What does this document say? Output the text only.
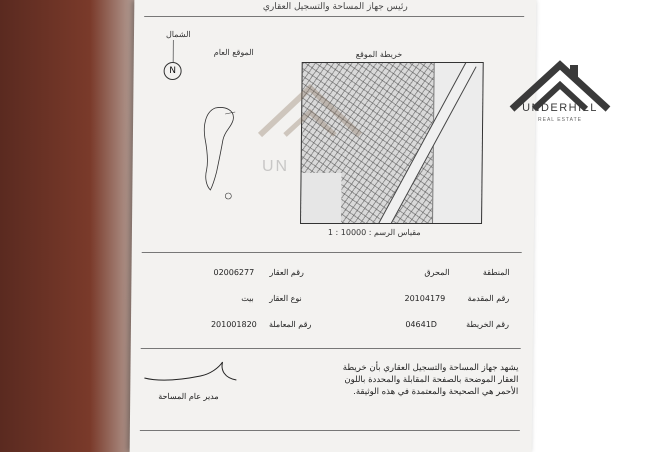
رئيس جهاز المساحة والتسجيل العقاري
الشمال
N
الموقع العام	خريطة الموقع
مقياس الرسم : 10000 : 1
المنطقة
المحرق
رقم العقار
02006277
رقم المقدمة
20104179
نوع العقار
بيت
رقم الخريطة
04641D
رقم المعاملة
201001820
مدير عام المساحة
يشهد جهاز المساحة والتسجيل العقاري بأن خريطة
العقار الموضحة بالصفحة المقابلة والمحددة باللون
الأحمر هي الصحيحة والمعتمدة في هذه الوثيقة.
UN
UNDERHILL
REAL ESTATE
